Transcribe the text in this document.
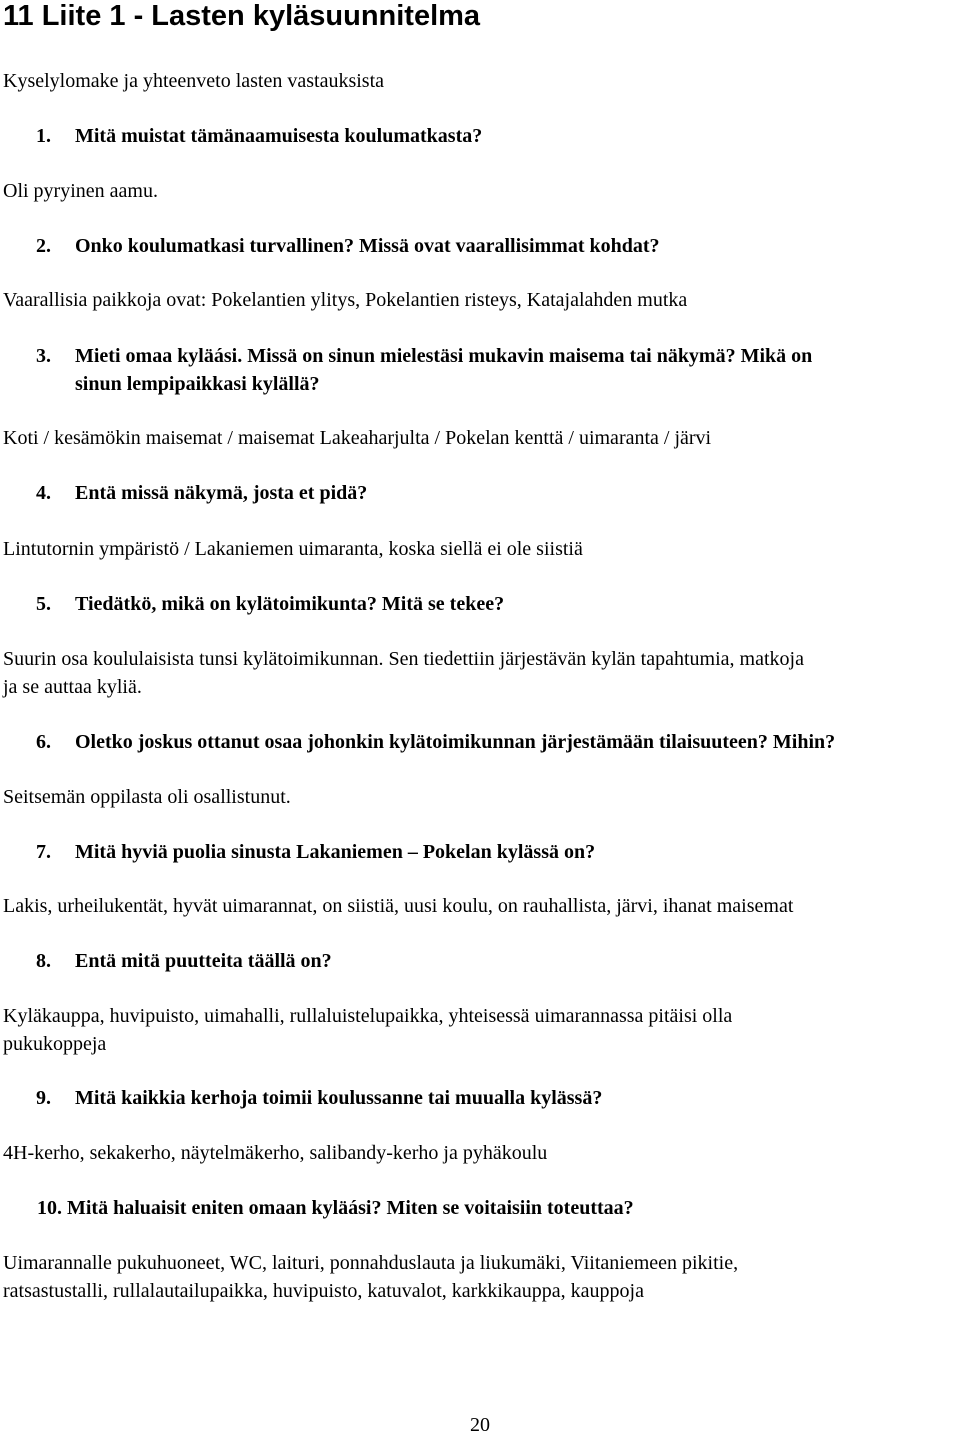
11 Liite 1 - Lasten kyläsuunnitelma
Kyselylomake ja yhteenveto lasten vastauksista
1. Mitä muistat tämänaamuisesta koulumatkasta?
Oli pyryinen aamu.
2. Onko koulumatkasi turvallinen? Missä ovat vaarallisimmat kohdat?
Vaarallisia paikkoja ovat: Pokelantien ylitys, Pokelantien risteys, Katajalahden mutka
3. Mieti omaa kyläási. Missä on sinun mielestäsi mukavin maisema tai näkymä? Mikä on
sinun lempipaikkasi kylällä?
Koti / kesämökin maisemat / maisemat Lakeaharjulta / Pokelan kenttä / uimaranta / järvi
4. Entä missä näkymä, josta et pidä?
Lintutornin ympäristö / Lakaniemen uimaranta, koska siellä ei ole siistiä
5. Tiedätkö, mikä on kylätoimikunta? Mitä se tekee?
Suurin osa koululaisista tunsi kylätoimikunnan. Sen tiedettiin järjestävän kylän tapahtumia, matkoja
ja se auttaa kyliä.
6. Oletko joskus ottanut osaa johonkin kylätoimikunnan järjestämään tilaisuuteen? Mihin?
Seitsemän oppilasta oli osallistunut.
7. Mitä hyviä puolia sinusta Lakaniemen – Pokelan kylässä on?
Lakis, urheilukentät, hyvät uimarannat, on siistiä, uusi koulu, on rauhallista, järvi, ihanat maisemat
8. Entä mitä puutteita täällä on?
Kyläkauppa, huvipuisto, uimahalli, rullaluistelupaikka, yhteisessä uimarannassa pitäisi olla
pukukoppeja
9. Mitä kaikkia kerhoja toimii koulussanne tai muualla kylässä?
4H-kerho, sekakerho, näytelmäkerho, salibandy-kerho ja pyhäkoulu
10. Mitä haluaisit eniten omaan kyläási? Miten se voitaisiin toteuttaa?
Uimarannalle pukuhuoneet, WC, laituri, ponnahduslauta ja liukumäki, Viitaniemeen pikitie,
ratsastustalli, rullalautailupaikka, huvipuisto, katuvalot, karkkikauppa, kauppoja
20
